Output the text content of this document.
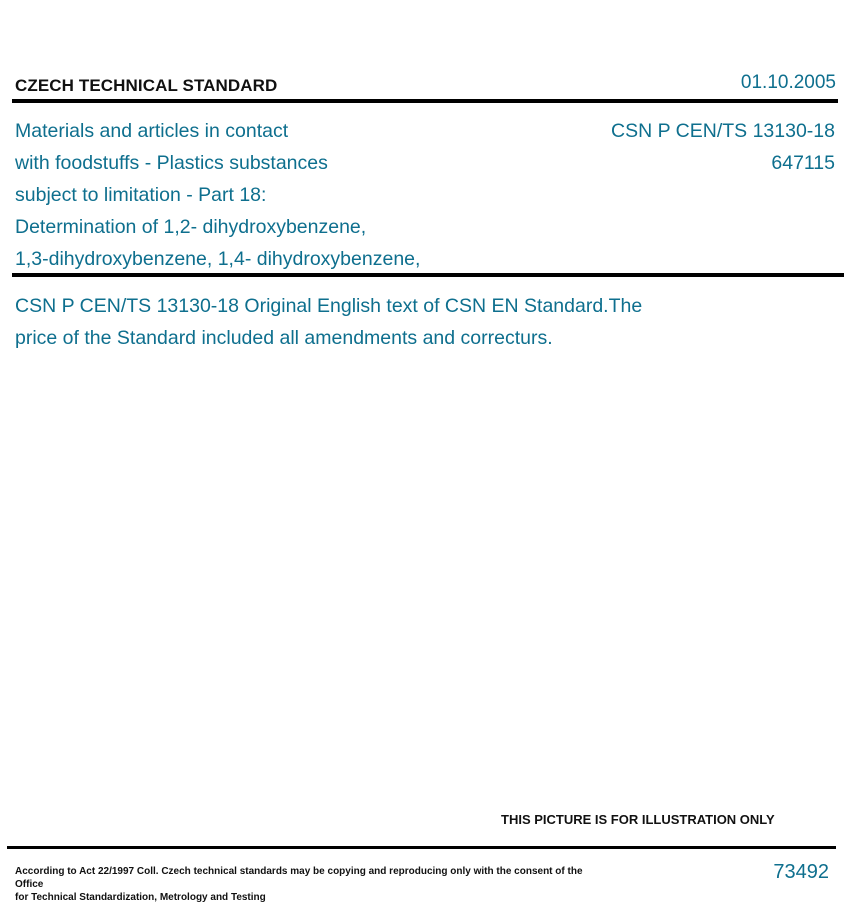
CZECH TECHNICAL STANDARD	01.10.2005
Materials and articles in contact
with foodstuffs - Plastics substances
subject to limitation - Part 18:
Determination of 1,2- dihydroxybenzene,
1,3-dihydroxybenzene, 1,4- dihydroxybenzene,
CSN P CEN/TS 13130-18
647115
CSN P CEN/TS 13130-18 Original English text of CSN EN Standard.The
price of the Standard included all amendments and correcturs.
THIS PICTURE IS FOR ILLUSTRATION ONLY
According to Act 22/1997 Coll. Czech technical standards may be copying and reproducing only with the consent of the Office
for Technical Standardization, Metrology and Testing
73492
